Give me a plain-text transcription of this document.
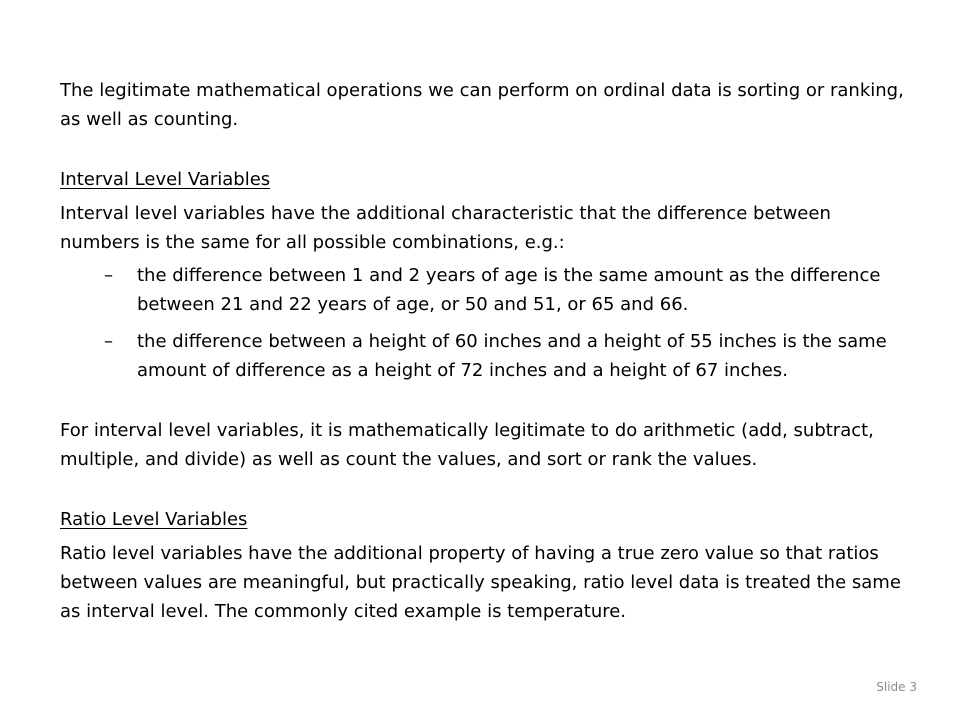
The legitimate mathematical operations we can perform on ordinal data is sorting or ranking, as well as counting.

Interval Level Variables

Interval level variables have the additional characteristic that the difference between numbers is the same for all possible combinations, e.g.:

– the difference between 1 and 2 years of age is the same amount as the difference between 21 and 22 years of age, or 50 and 51, or 65 and 66.
– the difference between a height of 60 inches and a height of 55 inches is the same amount of difference as a height of 72 inches and a height of 67 inches.

For interval level variables, it is mathematically legitimate to do arithmetic (add, subtract, multiple, and divide) as well as count the values, and sort or rank the values.

Ratio Level Variables

Ratio level variables have the additional property of having a true zero value so that ratios between values are meaningful, but practically speaking, ratio level data is treated the same as interval level. The commonly cited example is temperature.

Slide 3
